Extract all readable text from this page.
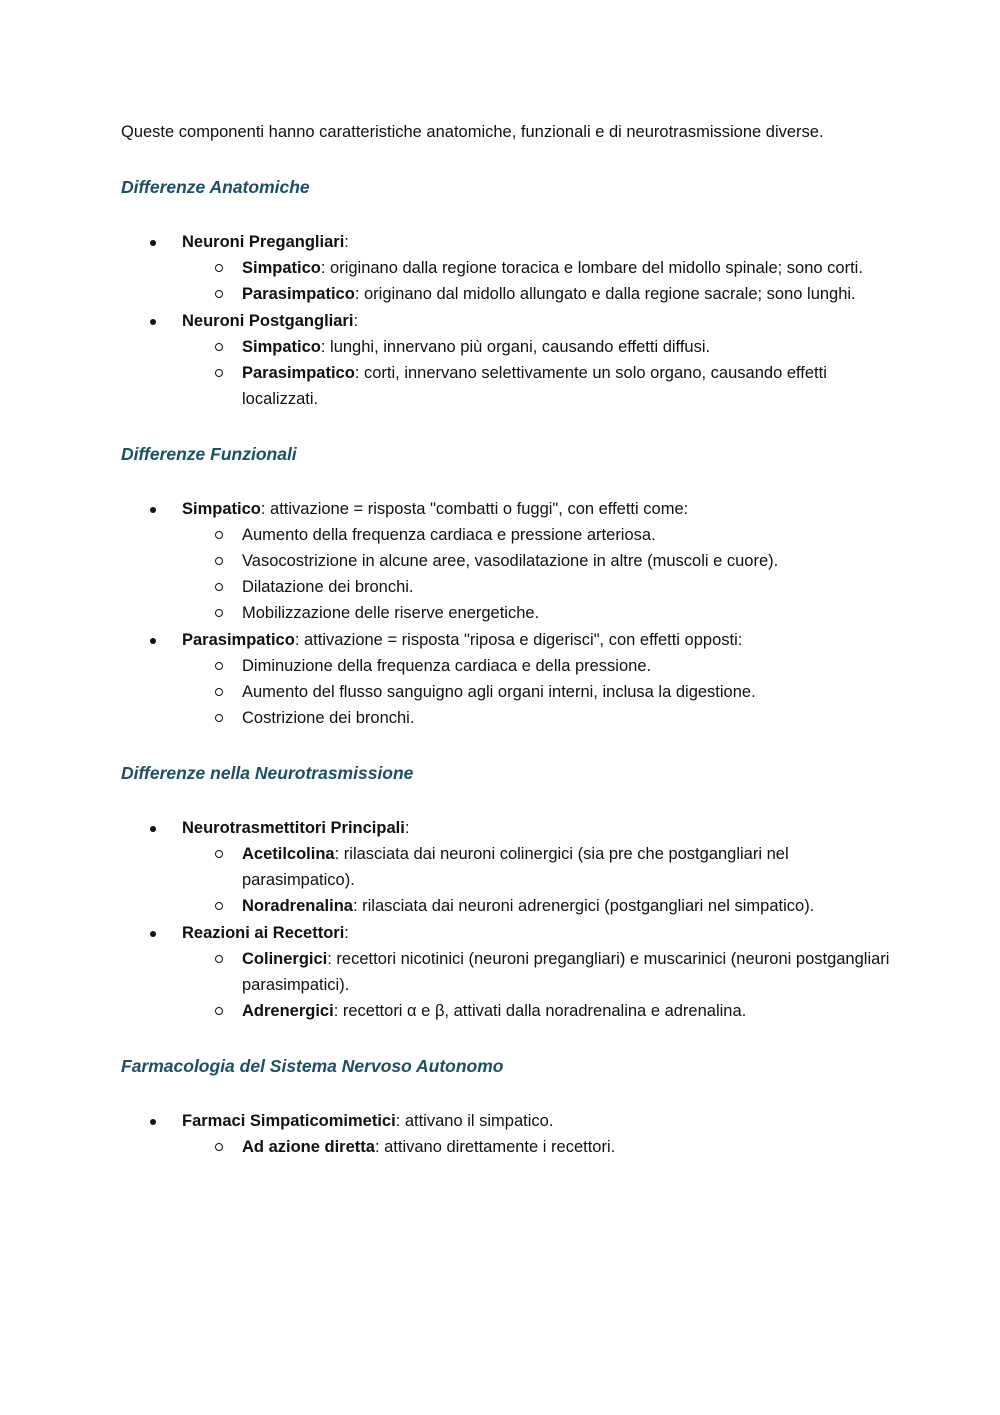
Queste componenti hanno caratteristiche anatomiche, funzionali e di neurotrasmissione diverse.

Differenze Anatomiche
Neuroni Pregangliari:
Simpatico: originano dalla regione toracica e lombare del midollo spinale; sono corti.
Parasimpatico: originano dal midollo allungato e dalla regione sacrale; sono lunghi.
Neuroni Postgangliari:
Simpatico: lunghi, innervano più organi, causando effetti diffusi.
Parasimpatico: corti, innervano selettivamente un solo organo, causando effetti localizzati.
Differenze Funzionali
Simpatico: attivazione = risposta "combatti o fuggi", con effetti come:
Aumento della frequenza cardiaca e pressione arteriosa.
Vasocostrizione in alcune aree, vasodilatazione in altre (muscoli e cuore).
Dilatazione dei bronchi.
Mobilizzazione delle riserve energetiche.
Parasimpatico: attivazione = risposta "riposa e digerisci", con effetti opposti:
Diminuzione della frequenza cardiaca e della pressione.
Aumento del flusso sanguigno agli organi interni, inclusa la digestione.
Costrizione dei bronchi.
Differenze nella Neurotrasmissione
Neurotrasmettitori Principali:
Acetilcolina: rilasciata dai neuroni colinergici (sia pre che postgangliari nel parasimpatico).
Noradrenalina: rilasciata dai neuroni adrenergici (postgangliari nel simpatico).
Reazioni ai Recettori:
Colinergici: recettori nicotinici (neuroni pregangliari) e muscarinici (neuroni postgangliari parasimpatici).
Adrenergici: recettori α e β, attivati dalla noradrenalina e adrenalina.
Farmacologia del Sistema Nervoso Autonomo
Farmaci Simpaticomimetici: attivano il simpatico.
Ad azione diretta: attivano direttamente i recettori.
